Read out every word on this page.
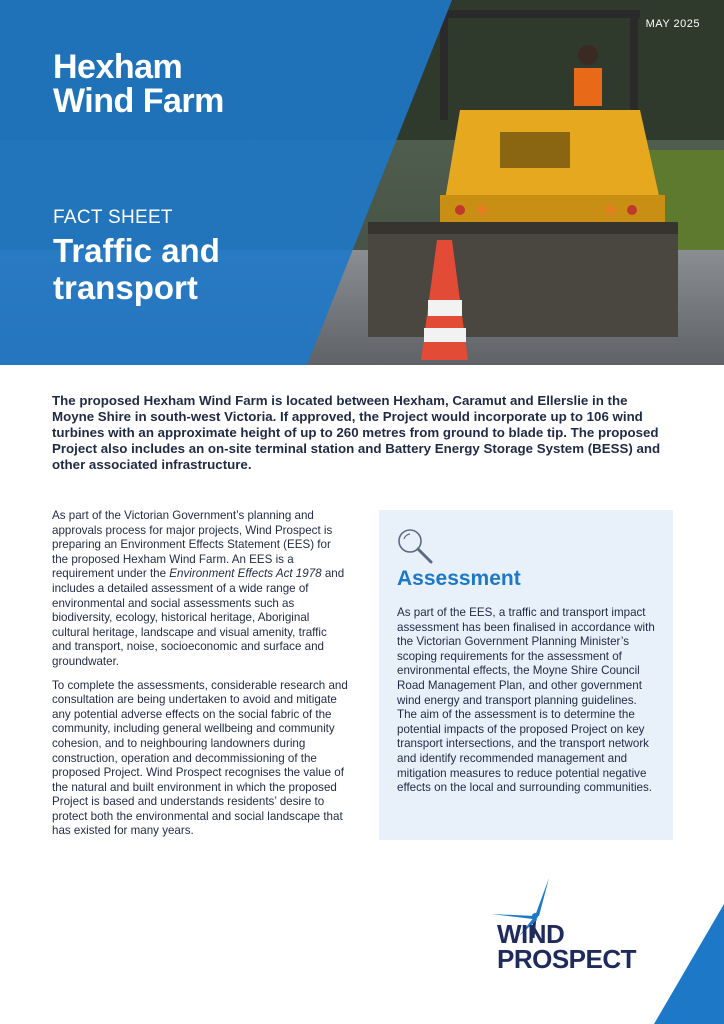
MAY 2025
Hexham
Wind Farm
FACT SHEET
Traffic and
transport

The proposed Hexham Wind Farm is located between Hexham, Caramut and Ellerslie in the Moyne Shire in south-west Victoria. If approved, the Project would incorporate up to 106 wind turbines with an approximate height of up to 260 metres from ground to blade tip. The proposed Project also includes an on-site terminal station and Battery Energy Storage System (BESS) and other associated infrastructure.

As part of the Victorian Government’s planning and approvals process for major projects, Wind Prospect is preparing an Environment Effects Statement (EES) for the proposed Hexham Wind Farm. An EES is a requirement under the Environment Effects Act 1978 and includes a detailed assessment of a wide range of environmental and social assessments such as biodiversity, ecology, historical heritage, Aboriginal cultural heritage, landscape and visual amenity, traffic and transport, noise, socioeconomic and surface and groundwater.

To complete the assessments, considerable research and consultation are being undertaken to avoid and mitigate any potential adverse effects on the social fabric of the community, including general wellbeing and community cohesion, and to neighbouring landowners during construction, operation and decommissioning of the proposed Project. Wind Prospect recognises the value of the natural and built environment in which the proposed Project is based and understands residents’ desire to protect both the environmental and social landscape that has existed for many years.

Assessment

As part of the EES, a traffic and transport impact assessment has been finalised in accordance with the Victorian Government Planning Minister’s scoping requirements for the assessment of environmental effects, the Moyne Shire Council Road Management Plan, and other government wind energy and transport planning guidelines. The aim of the assessment is to determine the potential impacts of the proposed Project on key transport intersections, and the transport network and identify recommended management and mitigation measures to reduce potential negative effects on the local and surrounding communities.

WIND
PROSPECT
